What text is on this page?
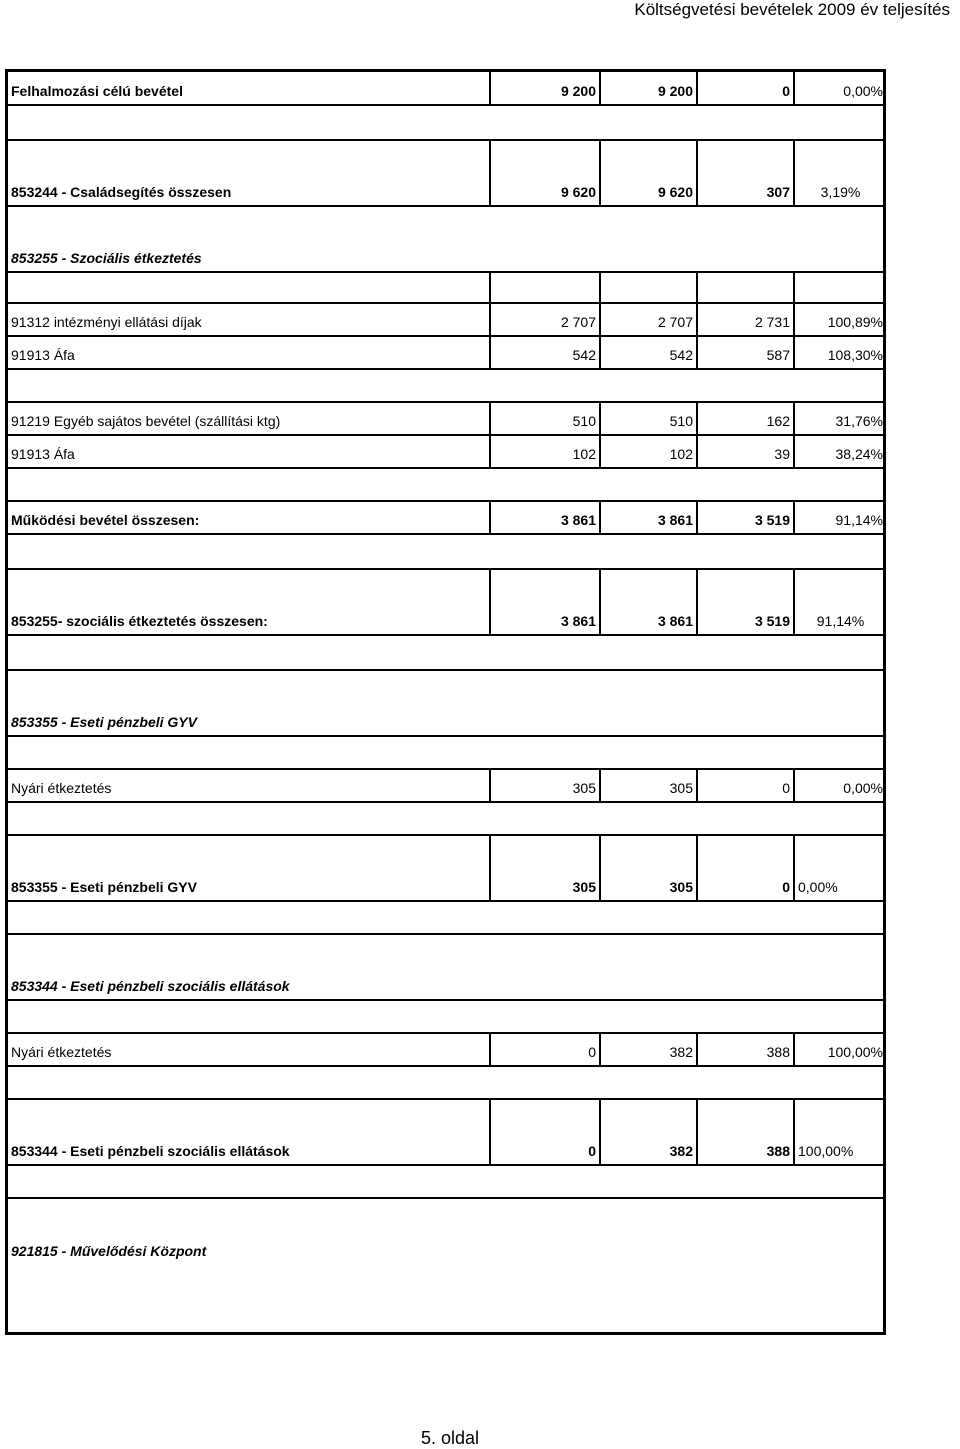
Költségvetési bevételek 2009 év teljesítés
Felhalmozási célú bevétel	9 200	9 200	0	0,00%

853244 - Családsegítés összesen	9 620	9 620	307	3,19%
853255 - Szociális étkeztetés				

91312 intézményi ellátási díjak	2 707	2 707	2 731	100,89%
91913 Áfa	542	542	587	108,30%

91219 Egyéb sajátos bevétel (szállítási ktg)	510	510	162	31,76%
91913 Áfa	102	102	39	38,24%

Működési bevétel összesen:	3 861	3 861	3 519	91,14%

853255- szociális étkeztetés összesen:	3 861	3 861	3 519	91,14%

853355 - Eseti pénzbeli GYV				

Nyári étkeztetés	305	305	0	0,00%

853355 - Eseti pénzbeli GYV	305	305	0	0,00%

853344 - Eseti pénzbeli szociális ellátások				

Nyári étkeztetés	0	382	388	100,00%

853344 - Eseti pénzbeli szociális ellátások	0	382	388	100,00%

921815 - Művelődési Központ				
5. oldal
